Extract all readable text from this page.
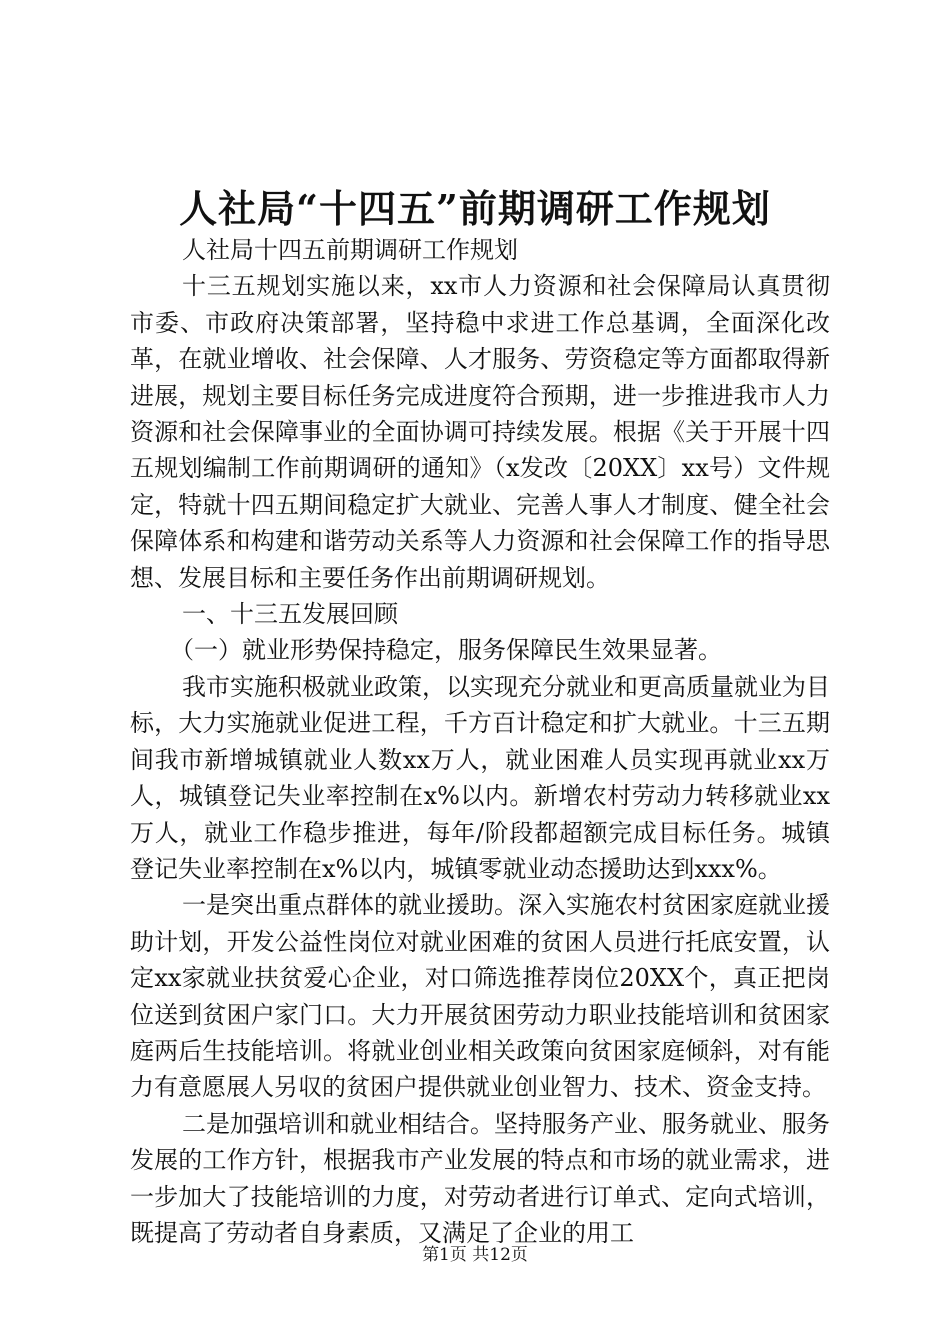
人社局“十四五”前期调研工作规划

人社局十四五前期调研工作规划

十三五规划实施以来，xx市人力资源和社会保障局认真贯彻市委、市政府决策部署，坚持稳中求进工作总基调，全面深化改革，在就业增收、社会保障、人才服务、劳资稳定等方面都取得新进展，规划主要目标任务完成进度符合预期，进一步推进我市人力资源和社会保障事业的全面协调可持续发展。根据《关于开展十四五规划编制工作前期调研的通知》（x发改〔20XX〕xx号）文件规定，特就十四五期间稳定扩大就业、完善人事人才制度、健全社会保障体系和构建和谐劳动关系等人力资源和社会保障工作的指导思想、发展目标和主要任务作出前期调研规划。

一、十三五发展回顾

（一）就业形势保持稳定，服务保障民生效果显著。

我市实施积极就业政策，以实现充分就业和更高质量就业为目标，大力实施就业促进工程，千方百计稳定和扩大就业。十三五期间我市新增城镇就业人数xx万人，就业困难人员实现再就业xx万人，城镇登记失业率控制在x%以内。新增农村劳动力转移就业xx万人，就业工作稳步推进，每年/阶段都超额完成目标任务。城镇登记失业率控制在x%以内，城镇零就业动态援助达到xxx%。

一是突出重点群体的就业援助。深入实施农村贫困家庭就业援助计划，开发公益性岗位对就业困难的贫困人员进行托底安置，认定xx家就业扶贫爱心企业，对口筛选推荐岗位20XX个，真正把岗位送到贫困户家门口。大力开展贫困劳动力职业技能培训和贫困家庭两后生技能培训。将就业创业相关政策向贫困家庭倾斜，对有能力有意愿展人另収的贫困户提供就业创业智力、技术、资金支持。

二是加强培训和就业相结合。坚持服务产业、服务就业、服务发展的工作方针，根据我市产业发展的特点和市场的就业需求，进一步加大了技能培训的力度，对劳动者进行订单式、定向式培训，既提高了劳动者自身素质，又满足了企业的用工

第1页 共12页
